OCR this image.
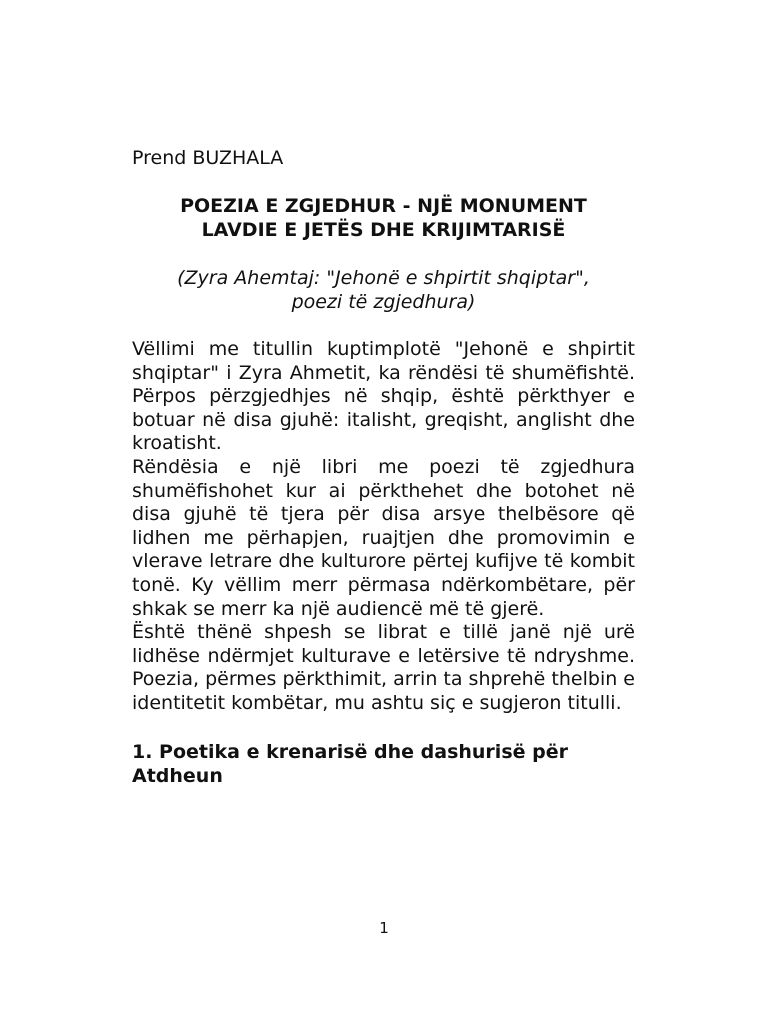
Prend BUZHALA

POEZIA E ZGJEDHUR - NJË MONUMENT
LAVDIE E JETËS DHE KRIJIMTARISË

(Zyra Ahemtaj: "Jehonë e shpirtit shqiptar",
poezi të zgjedhura)

Vëllimi me titullin kuptimplotë "Jehonë e shpirtit shqiptar" i Zyra Ahmetit, ka rëndësi të shumëfishtë. Përpos përzgjedhjes në shqip, është përkthyer e botuar në disa gjuhë: italisht, greqisht, anglisht dhe kroatisht.

Rëndësia e një libri me poezi të zgjedhura shumëfishohet kur ai përkthehet dhe botohet në disa gjuhë të tjera për disa arsye thelbësore që lidhen me përhapjen, ruajtjen dhe promovimin e vlerave letrare dhe kulturore përtej kufijve të kombit tonë. Ky vëllim merr përmasa ndërkombëtare, për shkak se merr ka një audiencë më të gjerë.

Është thënë shpesh se librat e tillë janë një urë lidhëse ndërmjet kulturave e letërsive të ndryshme. Poezia, përmes përkthimit, arrin ta shprehë thelbin e identitetit kombëtar, mu ashtu siç e sugjeron titulli.

1. Poetika e krenarisë dhe dashurisë për Atdheun
1
